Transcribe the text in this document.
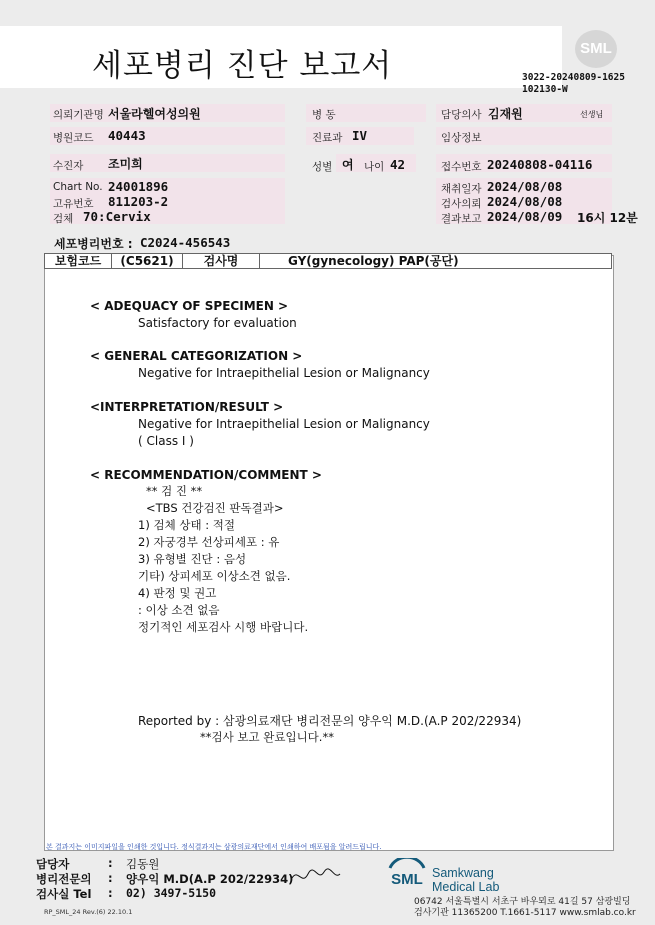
세포병리 진단 보고서	SML
3022-20240809-1625
102130-W
의뢰기관명 서울라헬여성의원	병 동	담당의사 김재원	선생님
병원코드 40443	진료과 IV	임상정보
수진자 조미희	성별 여 나이 42	접수번호 20240808-04116
Chart No. 24001896
고유번호 811203-2
검체 70:Cervix
채취일자 2024/08/08
검사의뢰 2024/08/08
결과보고 2024/08/09 16시 12분
세포병리번호 : C2024-456543
보험코드	(C5621)	검사명	GY(gynecology) PAP(공단)
< ADEQUACY OF SPECIMEN >
Satisfactory for evaluation
< GENERAL CATEGORIZATION >
Negative for Intraepithelial Lesion or Malignancy
<INTERPRETATION/RESULT >
Negative for Intraepithelial Lesion or Malignancy
( Class I )
< RECOMMENDATION/COMMENT >
** 검 진 **
<TBS 건강검진 판독결과>
1) 검체 상태 : 적절
2) 자궁경부 선상피세포 : 유
3) 유형별 진단 : 음성
기타) 상피세포 이상소견 없음.
4) 판정 및 권고
: 이상 소견 없음
정기적인 세포검사 시행 바랍니다.
Reported by : 삼광의료재단 병리전문의 양우익 M.D.(A.P 202/22934)
**검사 보고 완료입니다.**
본 결과지는 이미지파일을 인쇄한 것입니다. 정식결과지는 삼광의료재단에서 인쇄하여 배포됨을 알려드립니다.
담당자	: 김동원
병리전문의 : 양우익 M.D(A.P 202/22934)
검사실 Tel : 02) 3497-5150
SML Samkwang
Medical Lab
06742 서울특별시 서초구 바우뫼로 41길 57 삼광빌딩
검사기관 11365200 T.1661-5117 www.smlab.co.kr
RP_SML_24 Rev.(6) 22.10.1
